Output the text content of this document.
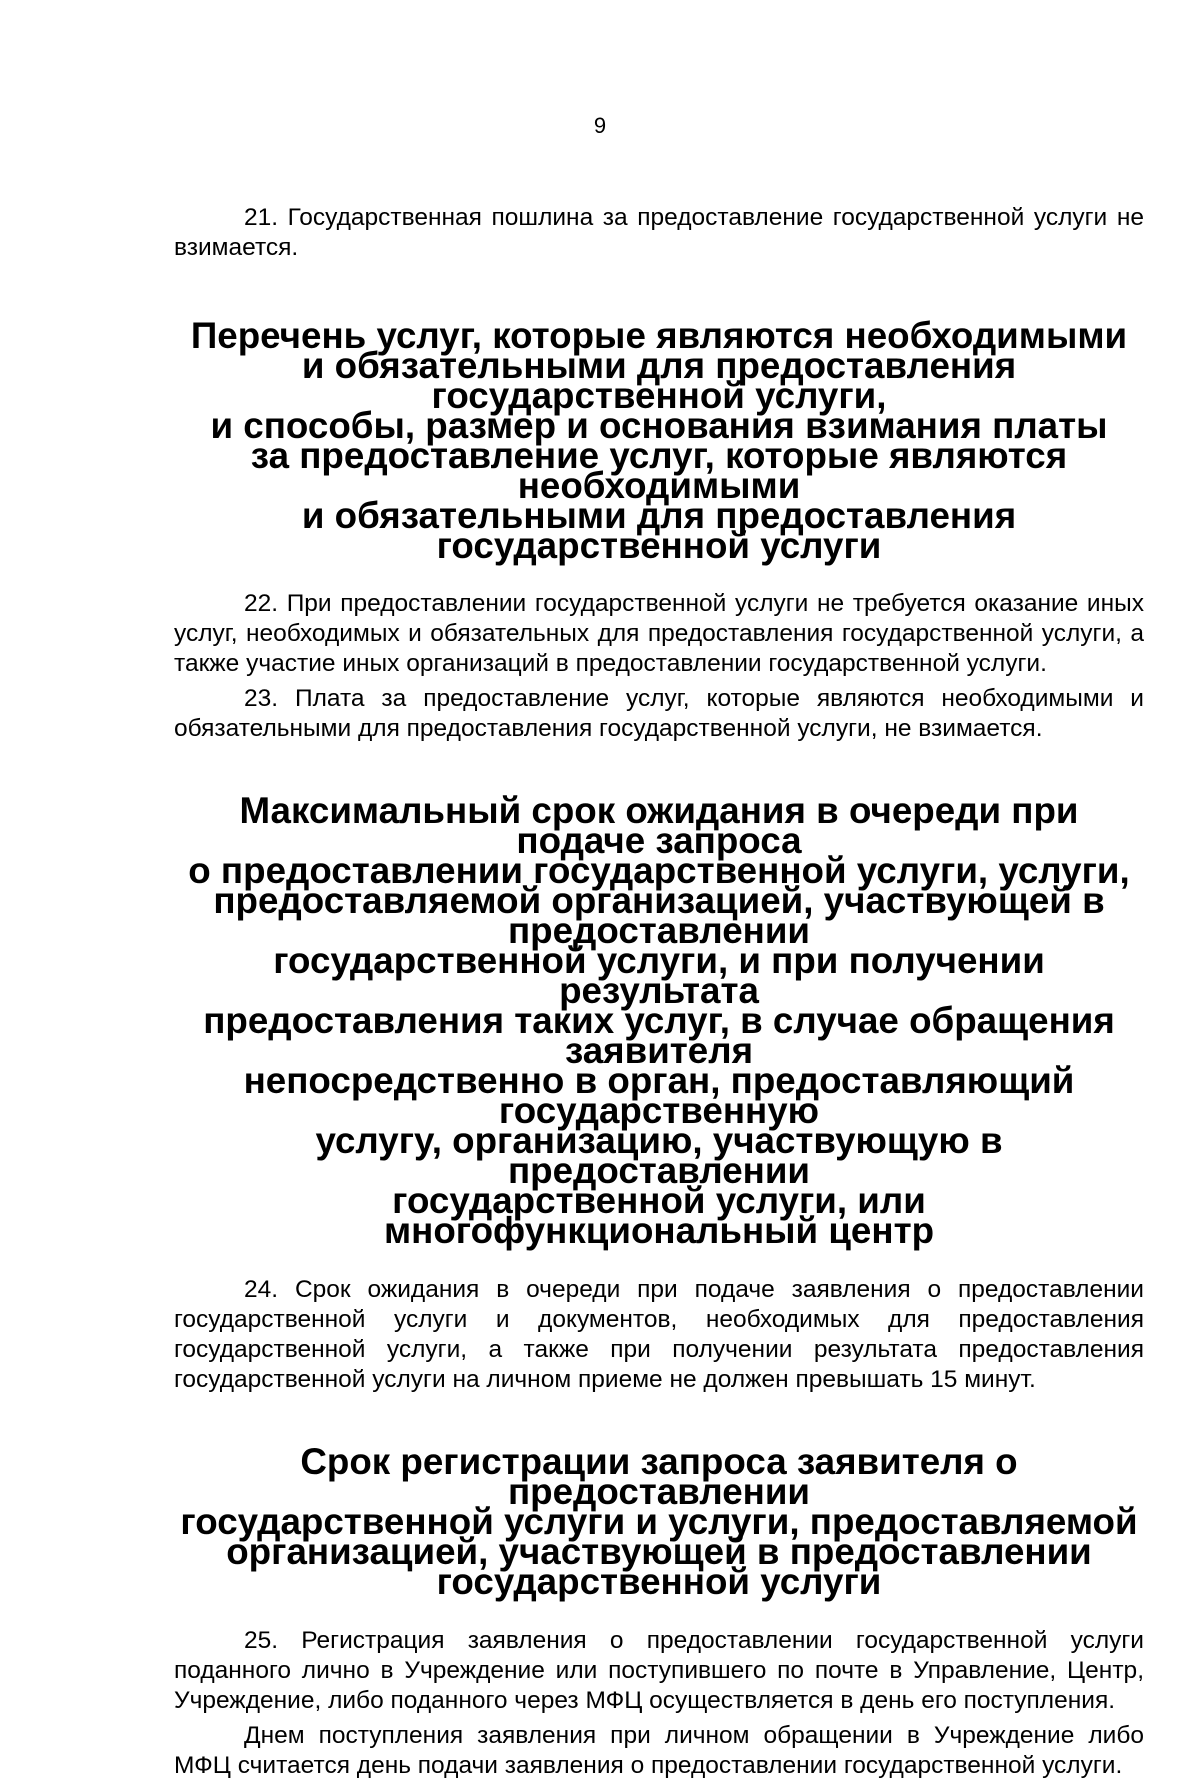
9

21. Государственная пошлина за предоставление государственной услуги не взимается.

Перечень услуг, которые являются необходимыми
и обязательными для предоставления государственной услуги,
и способы, размер и основания взимания платы
за предоставление услуг, которые являются необходимыми
и обязательными для предоставления государственной услуги

22. При предоставлении государственной услуги не требуется оказание иных услуг, необходимых и обязательных для предоставления государственной услуги, а также участие иных организаций в предоставлении государственной услуги.

23. Плата за предоставление услуг, которые являются необходимыми и обязательными для предоставления государственной услуги, не взимается.

Максимальный срок ожидания в очереди при подаче запроса
о предоставлении государственной услуги, услуги,
предоставляемой организацией, участвующей в предоставлении
государственной услуги, и при получении результата
предоставления таких услуг, в случае обращения заявителя
непосредственно в орган, предоставляющий государственную
услугу, организацию, участвующую в предоставлении
государственной услуги, или многофункциональный центр

24. Срок ожидания в очереди при подаче заявления о предоставлении государственной услуги и документов, необходимых для предоставления государственной услуги, а также при получении результата предоставления государственной услуги на личном приеме не должен превышать 15 минут.

Срок регистрации запроса заявителя о предоставлении
государственной услуги и услуги, предоставляемой
организацией, участвующей в предоставлении
государственной услуги

25. Регистрация заявления о предоставлении государственной услуги поданного лично в Учреждение или поступившего по почте в Управление, Центр, Учреждение, либо поданного через МФЦ осуществляется в день его поступления.

Днем поступления заявления при личном обращении в Учреждение либо МФЦ считается день подачи заявления о предоставлении государственной услуги.
